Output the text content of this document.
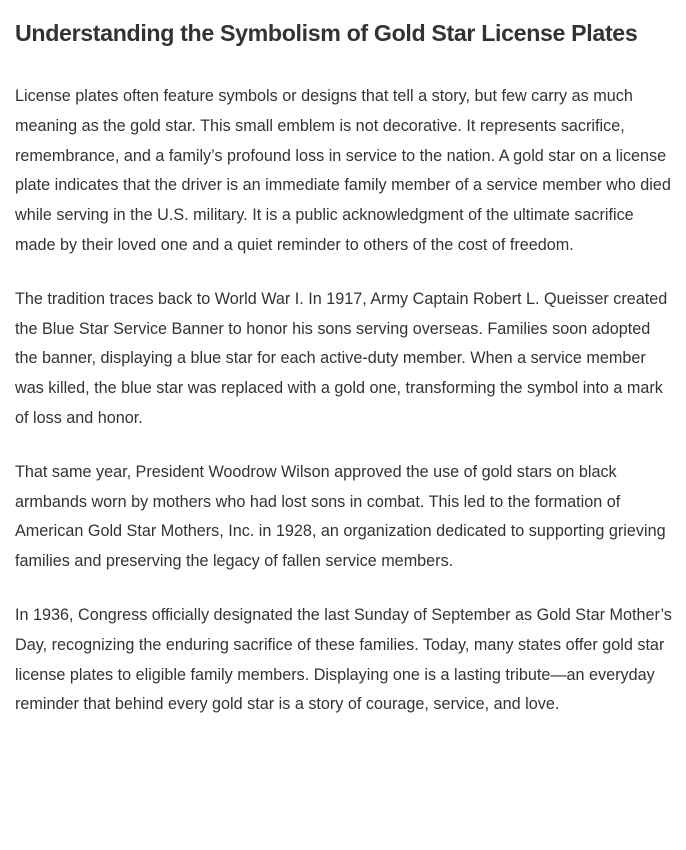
Understanding the Symbolism of Gold Star License Plates

License plates often feature symbols or designs that tell a story, but few carry as much meaning as the gold star. This small emblem is not decorative. It represents sacrifice, remembrance, and a family’s profound loss in service to the nation. A gold star on a license plate indicates that the driver is an immediate family member of a service member who died while serving in the U.S. military. It is a public acknowledgment of the ultimate sacrifice made by their loved one and a quiet reminder to others of the cost of freedom.

The tradition traces back to World War I. In 1917, Army Captain Robert L. Queisser created the Blue Star Service Banner to honor his sons serving overseas. Families soon adopted the banner, displaying a blue star for each active-duty member. When a service member was killed, the blue star was replaced with a gold one, transforming the symbol into a mark of loss and honor.

That same year, President Woodrow Wilson approved the use of gold stars on black armbands worn by mothers who had lost sons in combat. This led to the formation of American Gold Star Mothers, Inc. in 1928, an organization dedicated to supporting grieving families and preserving the legacy of fallen service members.

In 1936, Congress officially designated the last Sunday of September as Gold Star Mother’s Day, recognizing the enduring sacrifice of these families. Today, many states offer gold star license plates to eligible family members. Displaying one is a lasting tribute—an everyday reminder that behind every gold star is a story of courage, service, and love.
